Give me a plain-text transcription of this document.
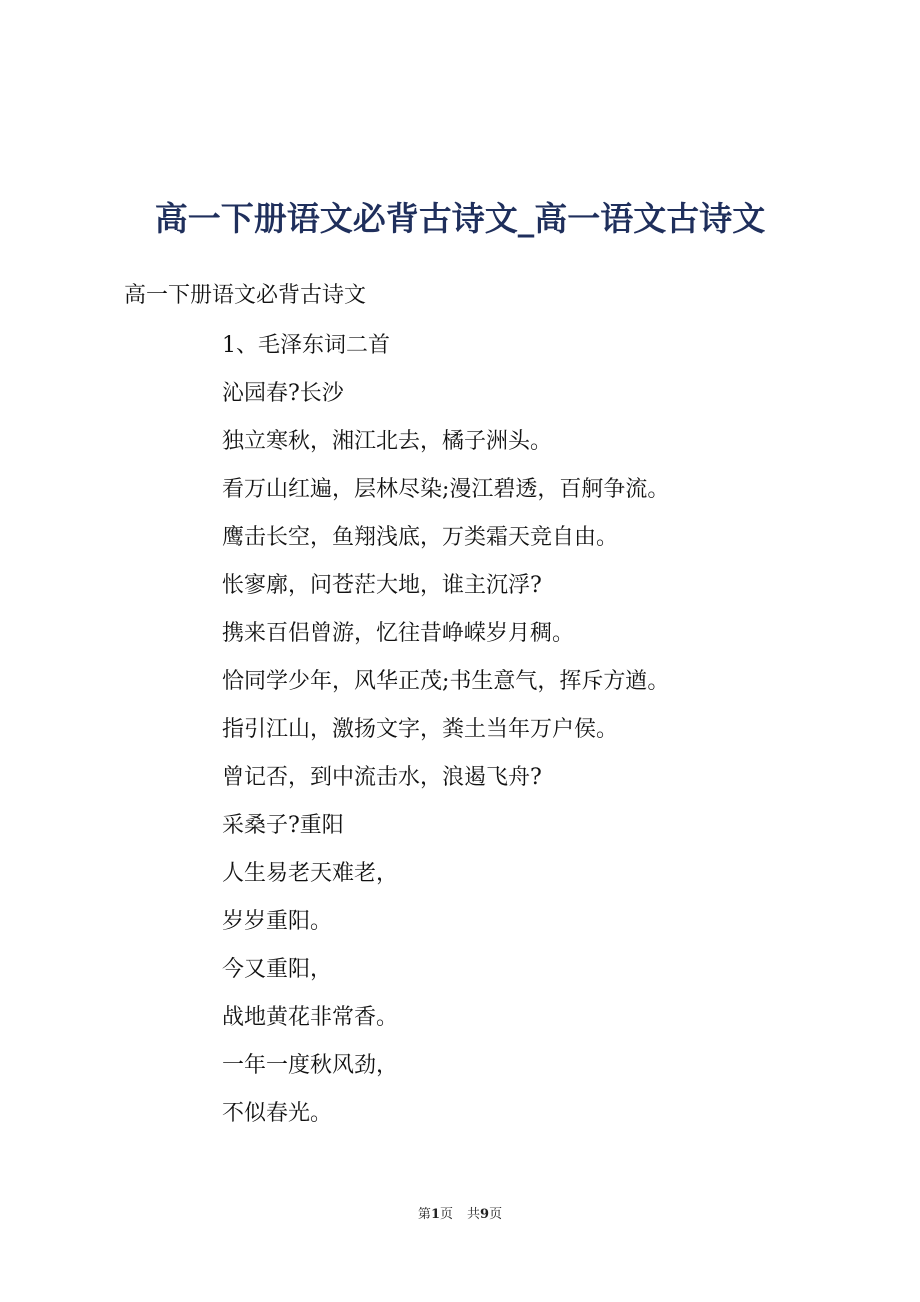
高一下册语文必背古诗文_高一语文古诗文

高一下册语文必背古诗文

1、毛泽东词二首
沁园春?长沙
独立寒秋，湘江北去，橘子洲头。
看万山红遍，层林尽染;漫江碧透，百舸争流。
鹰击长空，鱼翔浅底，万类霜天竞自由。
怅寥廓，问苍茫大地，谁主沉浮?
携来百侣曾游，忆往昔峥嵘岁月稠。
恰同学少年，风华正茂;书生意气，挥斥方遒。
指引江山，激扬文字，粪土当年万户侯。
曾记否，到中流击水，浪遏飞舟?
采桑子?重阳
人生易老天难老，
岁岁重阳。
今又重阳，
战地黄花非常香。
一年一度秋风劲，
不似春光。
第1页 共9页
